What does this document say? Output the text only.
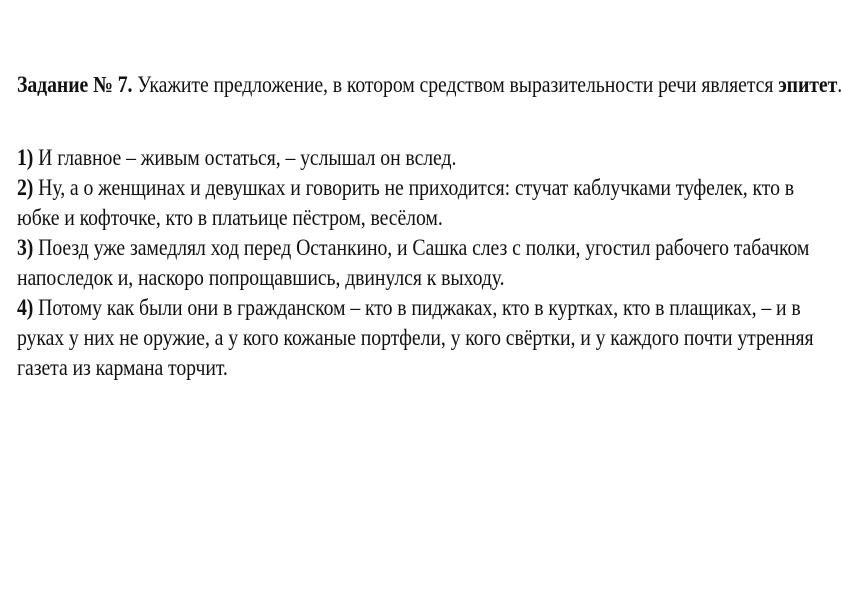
Задание № 7. Укажите предложение, в котором средством выразительности речи является эпитет.
1) И главное – живым остаться, – услышал он вслед.
2) Ну, а о женщинах и девушках и говорить не приходится: стучат каблучками туфелек, кто в
юбке и кофточке, кто в платьице пёстром, весёлом.
3) Поезд уже замедлял ход перед Останкино, и Сашка слез с полки, угостил рабочего табачком
напоследок и, наскоро попрощавшись, двинулся к выходу.
4) Потому как были они в гражданском – кто в пиджаках, кто в куртках, кто в плащиках, – и в
руках у них не оружие, а у кого кожаные портфели, у кого свёртки, и у каждого почти утренняя
газета из кармана торчит.
